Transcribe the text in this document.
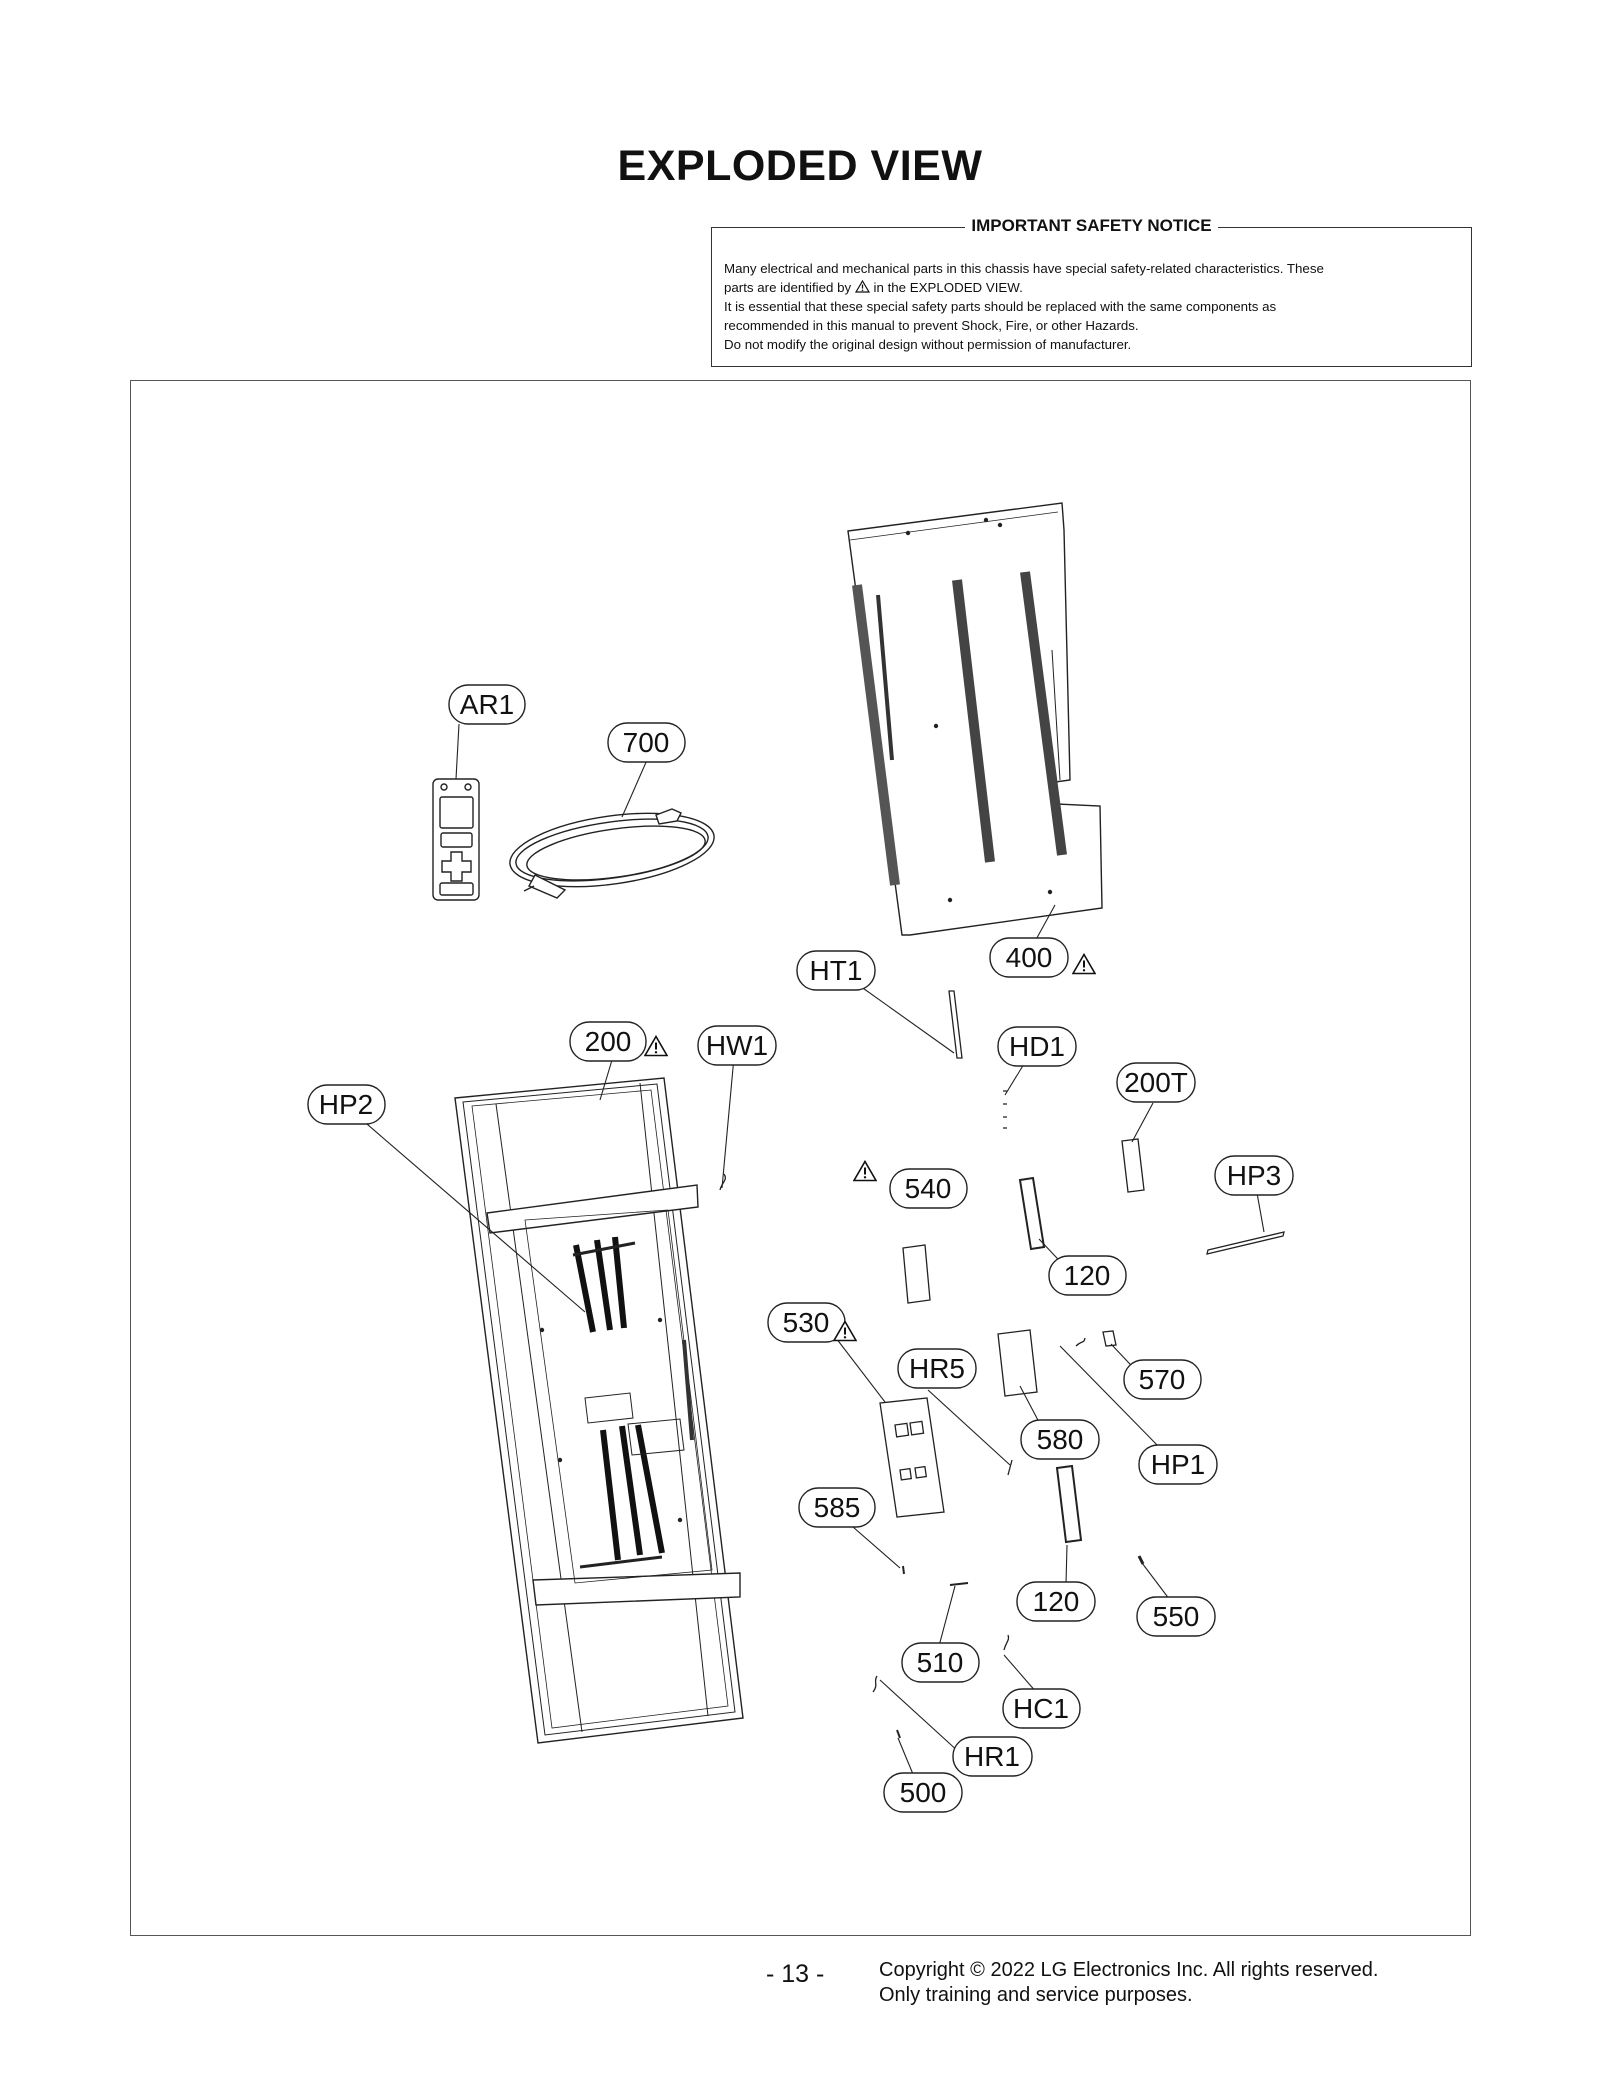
EXPLODED VIEW
IMPORTANT SAFETY NOTICE

Many electrical and mechanical parts in this chassis have special safety-related characteristics. These

parts are identified by  in the EXPLODED VIEW.

It is essential that these special safety parts should be replaced with the same components as

recommended in this manual to prevent Shock, Fire, or other Hazards.

Do not modify the original design without permission of manufacturer.

AR1
700
HT1	400
200	HW1	HD1
200T
HP2
540	HP3
120
530
HR5	570
580
HP1
585
120	550
510
HC1
HR1
500
- 13 -	Copyright © 2022 LG Electronics Inc. All rights reserved.
Only training and service purposes.
